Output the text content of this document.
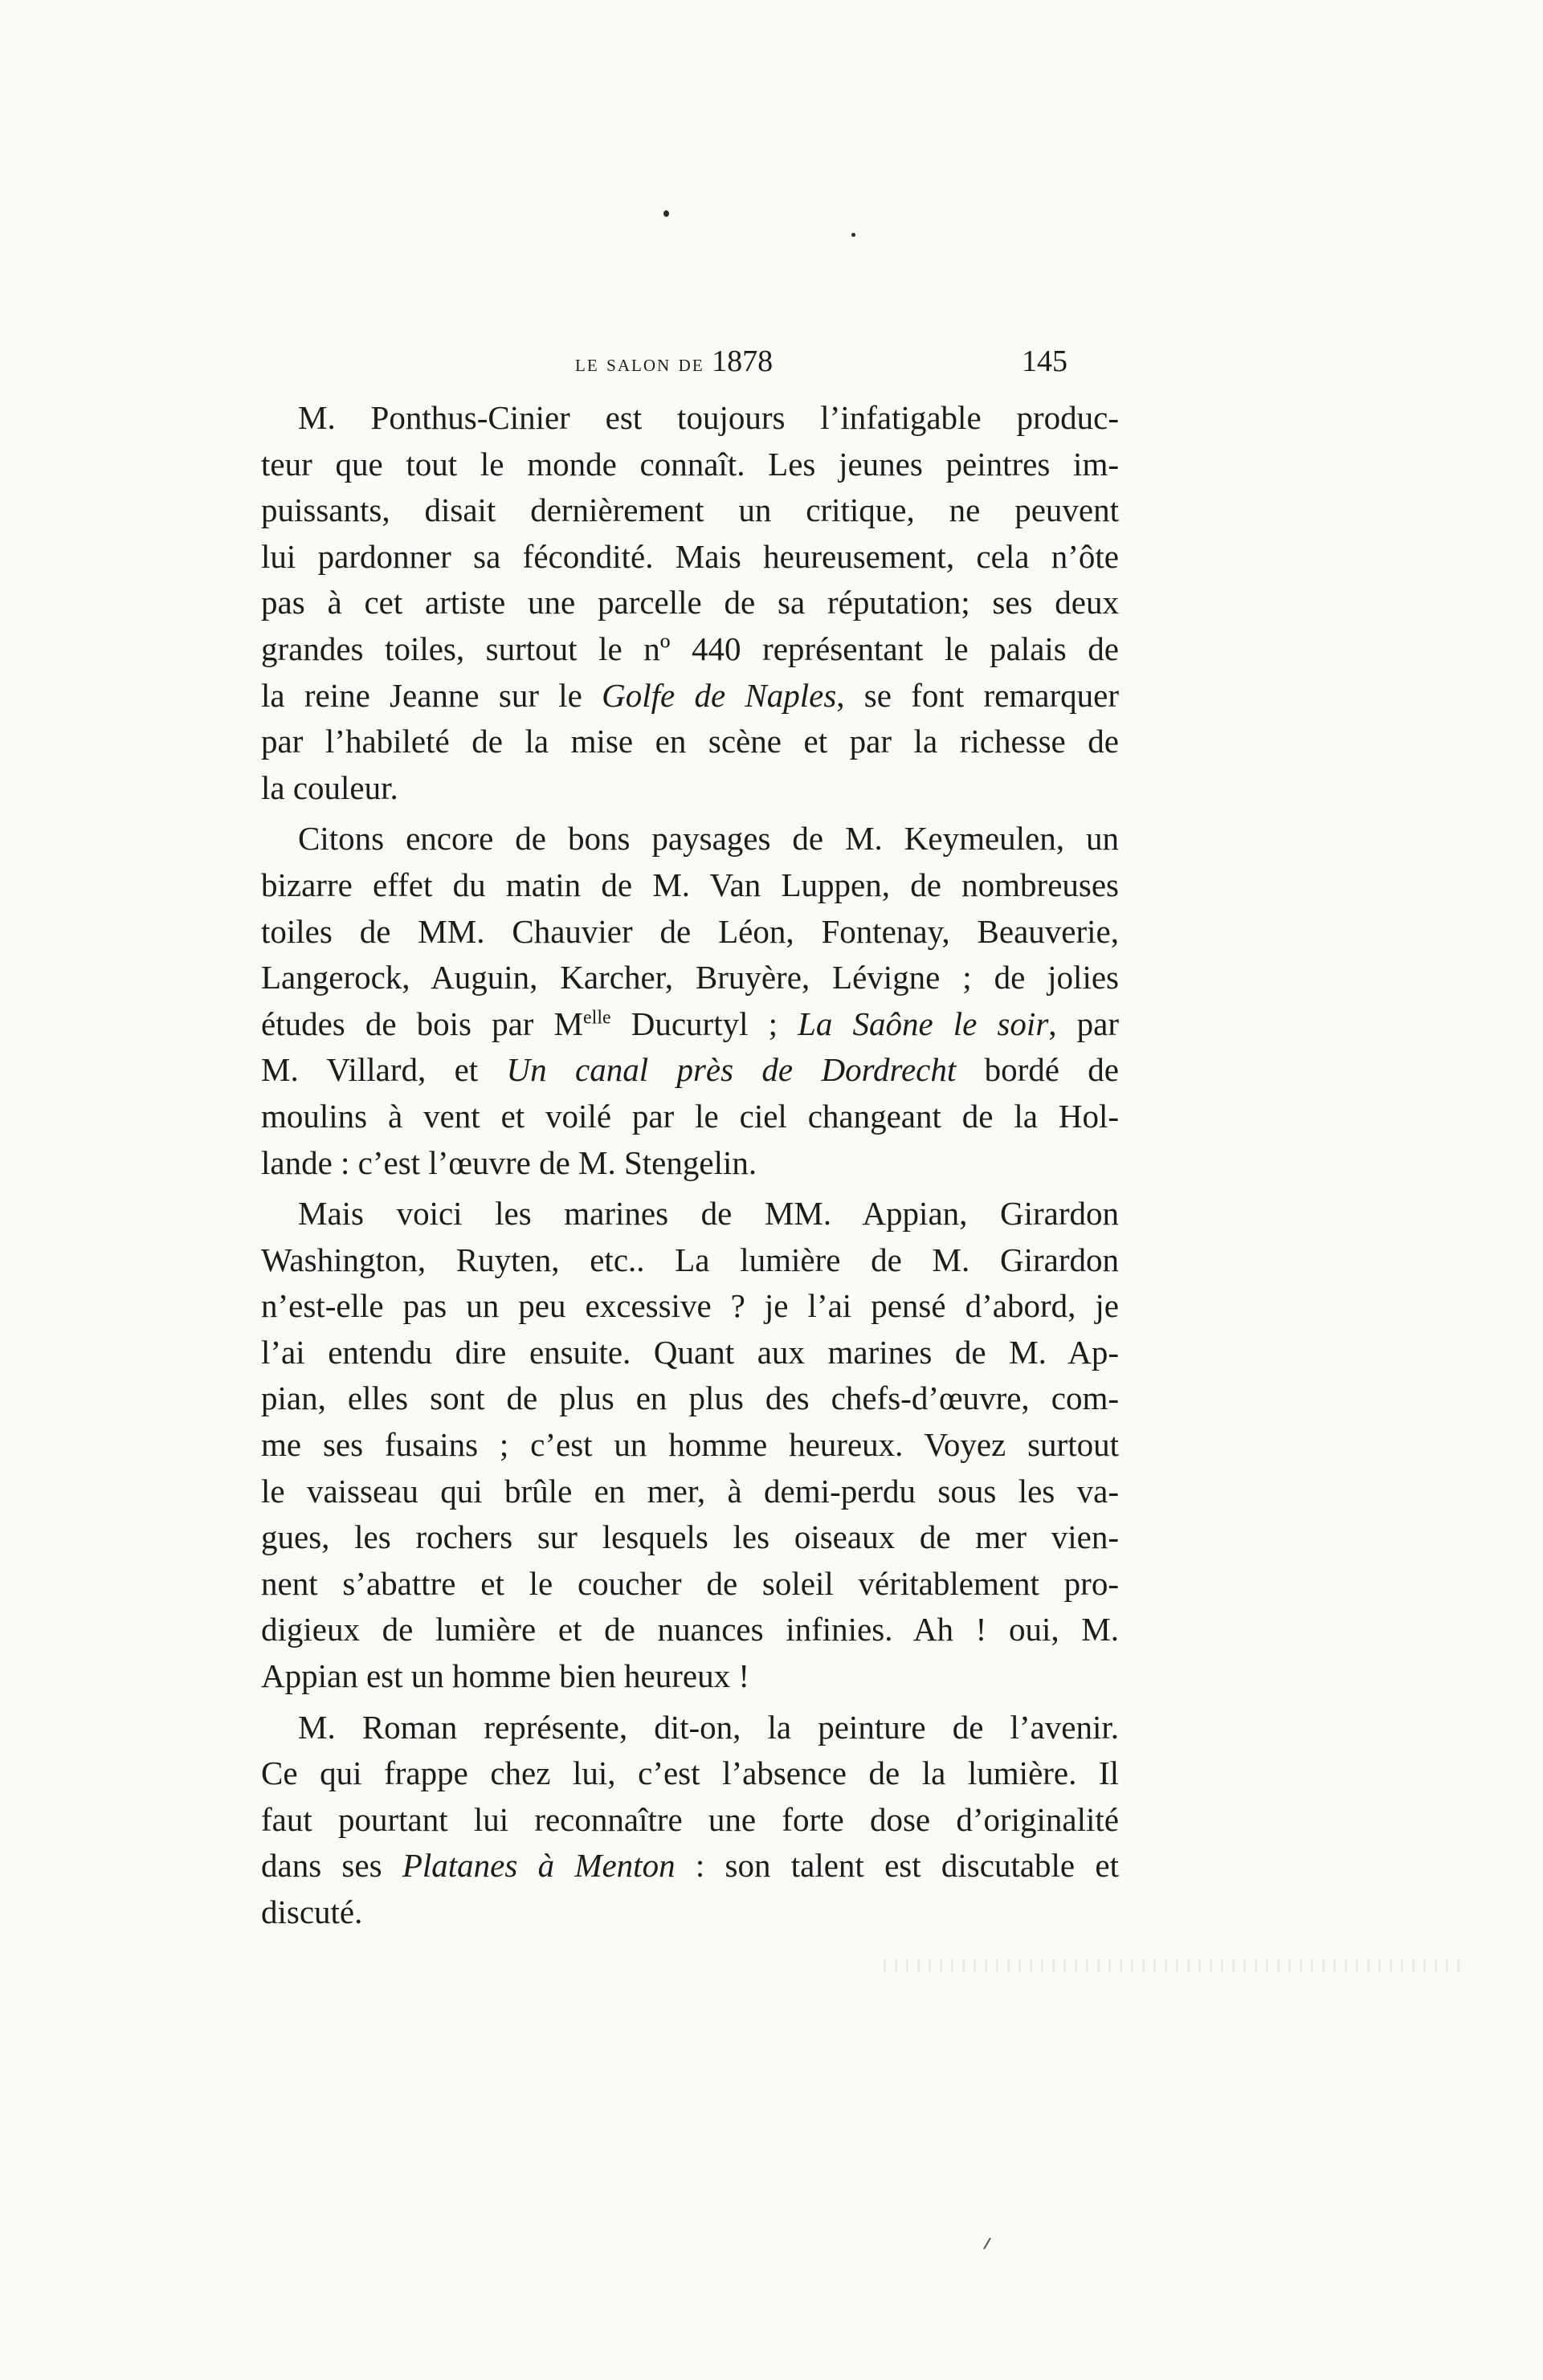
le salon de 1878	145
M. Ponthus-Cinier est toujours l’infatigable produc-
teur que tout le monde connaît. Les jeunes peintres im-
puissants, disait dernièrement un critique, ne peuvent
lui pardonner sa fécondité. Mais heureusement, cela n’ôte
pas à cet artiste une parcelle de sa réputation; ses deux
grandes toiles, surtout le nº 440 représentant le palais de
la reine Jeanne sur le Golfe de Naples, se font remarquer
par l’habileté de la mise en scène et par la richesse de
la couleur.
Citons encore de bons paysages de M. Keymeulen, un
bizarre effet du matin de M. Van Luppen, de nombreuses
toiles de MM. Chauvier de Léon, Fontenay, Beauverie,
Langerock, Auguin, Karcher, Bruyère, Lévigne ; de jolies
études de bois par $M^{elle}$ Ducurtyl ; La Saône le soir, par
M. Villard, et Un canal près de Dordrecht bordé de
moulins à vent et voilé par le ciel changeant de la Hol-
lande : c’est l’œuvre de M. Stengelin.
Mais voici les marines de MM. Appian, Girardon
Washington, Ruyten, etc.. La lumière de M. Girardon
n’est-elle pas un peu excessive ? je l’ai pensé d’abord, je
l’ai entendu dire ensuite. Quant aux marines de M. Ap-
pian, elles sont de plus en plus des chefs-d’œuvre, com-
me ses fusains ; c’est un homme heureux. Voyez surtout
le vaisseau qui brûle en mer, à demi-perdu sous les va-
gues, les rochers sur lesquels les oiseaux de mer vien-
nent s’abattre et le coucher de soleil véritablement pro-
digieux de lumière et de nuances infinies. Ah ! oui, M.
Appian est un homme bien heureux !
M. Roman représente, dit-on, la peinture de l’avenir.
Ce qui frappe chez lui, c’est l’absence de la lumière. Il
faut pourtant lui reconnaître une forte dose d’originalité
dans ses Platanes à Menton : son talent est discutable et
discuté.
